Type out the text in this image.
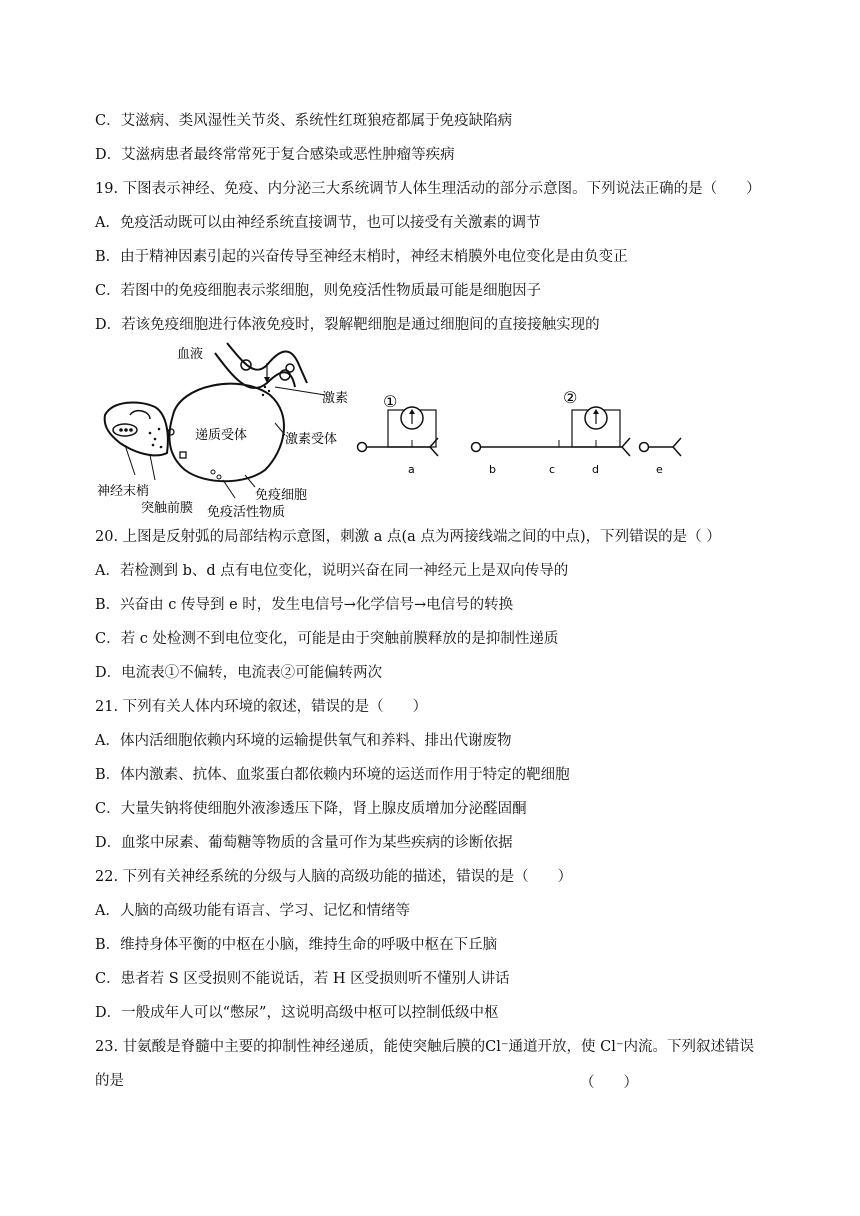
C．艾滋病、类风湿性关节炎、系统性红斑狼疮都属于免疫缺陷病
D．艾滋病患者最终常常死于复合感染或恶性肿瘤等疾病
19. 下图表示神经、免疫、内分泌三大系统调节人体生理活动的部分示意图。下列说法正确的是（　　）
A．免疫活动既可以由神经系统直接调节，也可以接受有关激素的调节
B．由于精神因素引起的兴奋传导至神经末梢时，神经末梢膜外电位变化是由负变正
C．若图中的免疫细胞表示浆细胞，则免疫活性物质最可能是细胞因子
D．若该免疫细胞进行体液免疫时，裂解靶细胞是通过细胞间的直接接触实现的
血液
激素
递质受体	激素受体
神经末梢
突触前膜
免疫细胞
免疫活性物质
①
a
②
b	c	d	e
20. 上图是反射弧的局部结构示意图，刺激 a 点(a 点为两接线端之间的中点)，下列错误的是（ ）
A．若检测到 b、d 点有电位变化，说明兴奋在同一神经元上是双向传导的
B．兴奋由 c 传导到 e 时，发生电信号→化学信号→电信号的转换
C．若 c 处检测不到电位变化，可能是由于突触前膜释放的是抑制性递质
D．电流表①不偏转，电流表②可能偏转两次
21. 下列有关人体内环境的叙述，错误的是（　　）
A．体内活细胞依赖内环境的运输提供氧气和养料、排出代谢废物
B．体内激素、抗体、血浆蛋白都依赖内环境的运送而作用于特定的靶细胞
C．大量失钠将使细胞外液渗透压下降，肾上腺皮质增加分泌醛固酮
D．血浆中尿素、葡萄糖等物质的含量可作为某些疾病的诊断依据
22. 下列有关神经系统的分级与人脑的高级功能的描述，错误的是（　　）
A．人脑的高级功能有语言、学习、记忆和情绪等
B．维持身体平衡的中枢在小脑，维持生命的呼吸中枢在下丘脑
C．患者若 S 区受损则不能说话，若 H 区受损则听不懂别人讲话
D．一般成年人可以“憋尿”，这说明高级中枢可以控制低级中枢
23. 甘氨酸是脊髓中主要的抑制性神经递质，能使突触后膜的Cl⁻通道开放，使 Cl⁻内流。下列叙述错误的是	（　　）
